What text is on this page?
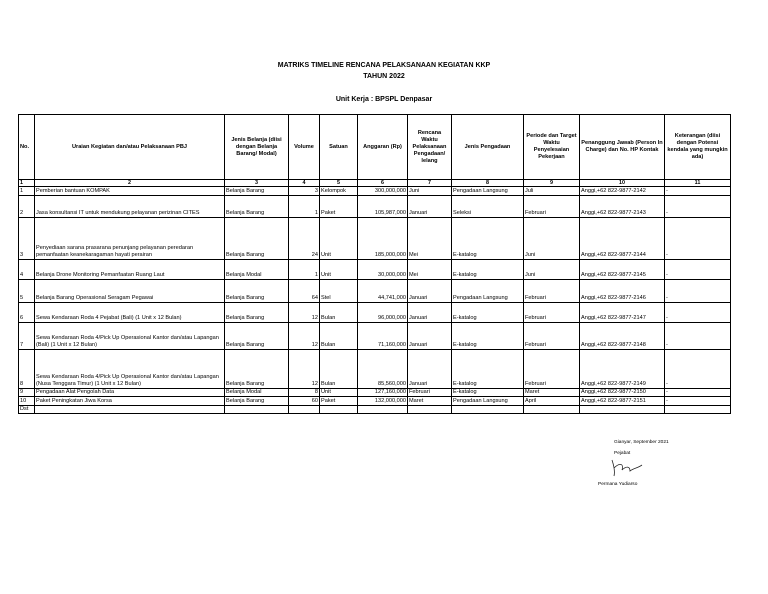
MATRIKS TIMELINE RENCANA PELAKSANAAN KEGIATAN KKP
TAHUN 2022
Unit Kerja : BPSPL Denpasar
No.	Uraian Kegiatan dan/atau Pelaksanaan PBJ	Jenis Belanja (diisi dengan Belanja Barang/ Modal)	Volume	Satuan	Anggaran (Rp)	Rencana Waktu Pelaksanaan Pengadaan/ lelang	Jenis Pengadaan	Periode dan Target Waktu Penyelesaian Pekerjaan	Penanggung Jawab (Person In Charge) dan No. HP Kontak	Keterangan (diisi dengan Potensi kendala yang mungkin ada)
1	2	3	4	5	6	7	8	9	10	11
1	Pemberian bantuan KOMPAK	Belanja Barang	3	Kelompok	300,000,000	Juni	Pengadaan Langsung	Juli	Anggi,+62 822-9877-2142	-
2	Jasa konsultansi IT untuk mendukung pelayanan perizinan CITES	Belanja Barang	1	Paket	105,987,000	Januari	Seleksi	Februari	Anggi,+62 822-9877-2143	-
3	Penyediaan sarana prasarana penunjang pelayanan peredaran pemanfaatan keanekaragaman hayati perairan	Belanja Barang	24	Unit	185,000,000	Mei	E-katalog	Juni	Anggi,+62 822-9877-2144	-
4	Belanja Drone Monitoring Pemanfaatan Ruang Laut	Belanja Modal	1	Unit	30,000,000	Mei	E-katalog	Juni	Anggi,+62 822-9877-2145	-
5	Belanja Barang Operasional Seragam Pegawai	Belanja Barang	64	Stel	44,741,000	Januari	Pengadaan Langsung	Februari	Anggi,+62 822-9877-2146	-
6	Sewa Kendaraan Roda 4 Pejabat (Bali) (1 Unit x 12 Bulan)	Belanja Barang	12	Bulan	96,000,000	Januari	E-katalog	Februari	Anggi,+62 822-9877-2147	-
7	Sewa Kendaraan Roda 4/Pick Up Operasional Kantor dan/atau Lapangan (Bali) (1 Unit x 12 Bulan)	Belanja Barang	12	Bulan	71,160,000	Januari	E-katalog	Februari	Anggi,+62 822-9877-2148	-
8	Sewa Kendaraan Roda 4/Pick Up Operasional Kantor dan/atau Lapangan (Nusa Tenggara Timur) (1 Unit x 12 Bulan)	Belanja Barang	12	Bulan	85,560,000	Januari	E-katalog	Februari	Anggi,+62 822-9877-2149	-
9	Pengadaan Alat Pengolah Data	Belanja Modal	8	Unit	127,160,000	Februari	E-katalog	Maret	Anggi,+62 822-9877-2150	-
10	Paket Peningkatan Jiwa Korsa	Belanja Barang	60	Paket	132,000,000	Maret	Pengadaan Langsung	April	Anggi,+62 822-9877-2151	-
Dst										
Gianyar, September 2021
Pejabat
Permana Yudiarso
